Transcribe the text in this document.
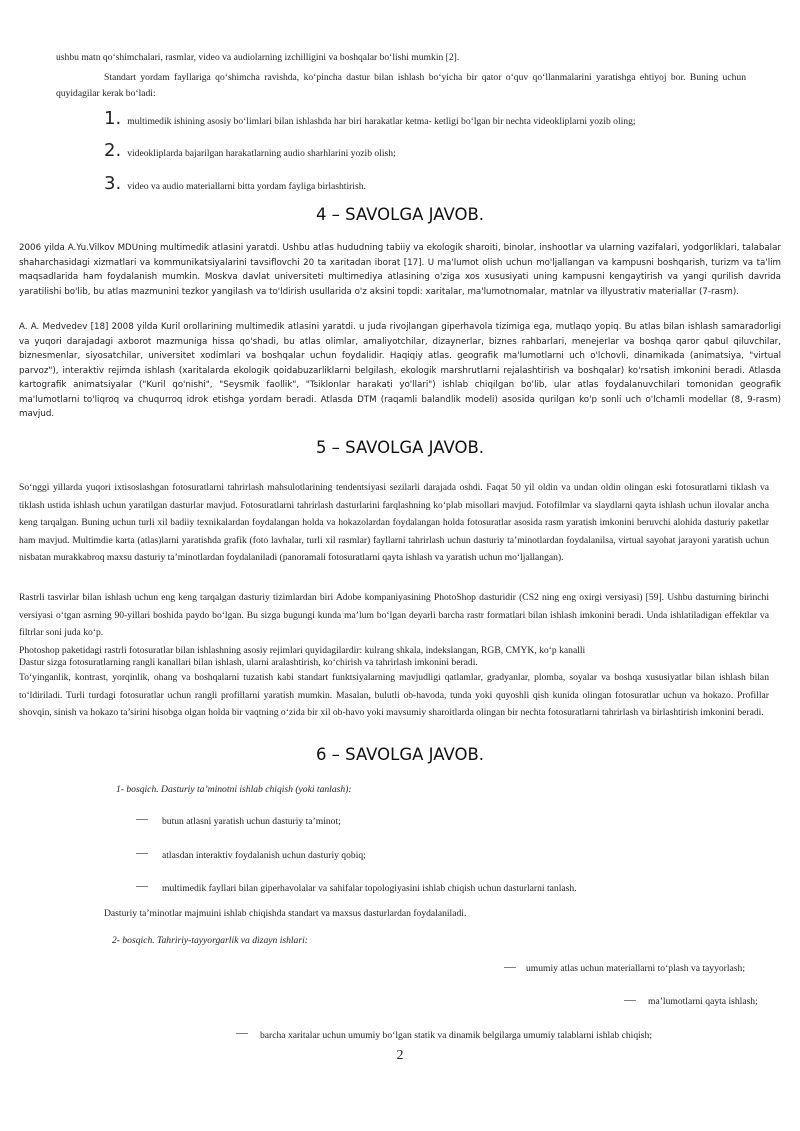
ushbu matn qo‘shimchalari, rasmlar, video va audiolarning izchilligini va boshqalar bo‘lishi mumkin [2].
Standart yordam fayllariga qo‘shimcha ravishda, ko‘pincha dastur bilan ishlash bo‘yicha bir qator o‘quv qo‘llanmalarini yaratishga ehtiyoj bor. Buning uchun quyidagilar kerak bo‘ladi:
1. multimedik ishining asosiy bo‘limlari bilan ishlashda har biri harakatlar ketma- ketligi bo‘lgan bir nechta videokliplarni yozib oling;
2. videokliplarda bajarilgan harakatlarning audio sharhlarini yozib olish;
3. video va audio materiallarni bitta yordam fayliga birlashtirish.
4 – SAVOLGA JAVOB.
2006 yilda A.Yu.Vilkov MDUning multimedik atlasini yaratdi. Ushbu atlas hududning tabiiy va ekologik sharoiti, binolar, inshootlar va ularning vazifalari, yodgorliklari, talabalar shaharchasidagi xizmatlari va kommunikatsiyalarini tavsiflovchi 20 ta xaritadan iborat [17]. U ma'lumot olish uchun mo'ljallangan va kampusni boshqarish, turizm va ta'lim maqsadlarida ham foydalanish mumkin. Moskva davlat universiteti multimediya atlasining o'ziga xos xususiyati uning kampusni kengaytirish va yangi qurilish davrida yaratilishi bo'lib, bu atlas mazmunini tezkor yangilash va to'ldirish usullarida o'z aksini topdi: xaritalar, ma'lumotnomalar, matnlar va illyustrativ materiallar (7-rasm).
A. A. Medvedev [18] 2008 yilda Kuril orollarining multimedik atlasini yaratdi. u juda rivojlangan giperhavola tizimiga ega, mutlaqo yopiq. Bu atlas bilan ishlash samaradorligi va yuqori darajadagi axborot mazmuniga hissa qo'shadi, bu atlas olimlar, amaliyotchilar, dizaynerlar, biznes rahbarlari, menejerlar va boshqa qaror qabul qiluvchilar, biznesmenlar, siyosatchilar, universitet xodimlari va boshqalar uchun foydalidir. Haqiqiy atlas. geografik ma'lumotlarni uch o'lchovli, dinamikada (animatsiya, "virtual parvoz"), interaktiv rejimda ishlash (xaritalarda ekologik qoidabuzarliklarni belgilash, ekologik marshrutlarni rejalashtirish va boshqalar) ko'rsatish imkonini beradi. Atlasda kartografik animatsiyalar ("Kuril qo'nishi", "Seysmik faollik", "Tsiklonlar harakati yo'llari") ishlab chiqilgan bo'lib, ular atlas foydalanuvchilari tomonidan geografik ma'lumotlarni to'liqroq va chuqurroq idrok etishga yordam beradi. Atlasda DTM (raqamli balandlik modeli) asosida qurilgan ko'p sonli uch o'lchamli modellar (8, 9-rasm) mavjud.
5 – SAVOLGA JAVOB.
So‘nggi yillarda yuqori ixtisoslashgan fotosuratlarni tahrirlash mahsulotlarining tendentsiyasi sezilarli darajada oshdi. Faqat 50 yil oldin va undan oldin olingan eski fotosuratlarni tiklash va tiklash ustida ishlash uchun yaratilgan dasturlar mavjud. Fotosuratlarni tahrirlash dasturlarini farqlashning ko‘plab misollari mavjud. Fotofilmlar va slaydlarni qayta ishlash uchun ilovalar ancha keng tarqalgan. Buning uchun turli xil badiiy texnikalardan foydalangan holda va hokazolardan foydalangan holda fotosuratlar asosida rasm yaratish imkonini beruvchi alohida dasturiy paketlar ham mavjud. Multimdie karta (atlas)larni yaratishda grafik (foto lavhalar, turli xil rasmlar) fayllarni tahrirlash uchun dasturiy ta’minotlardan foydalanilsa, virtual sayohat jarayoni yaratish uchun nisbatan murakkabroq maxsu dasturiy ta’minotlardan foydalaniladi (panoramali fotosuratlarni qayta ishlash va yaratish uchun mo‘ljallangan).
Rastrli tasvirlar bilan ishlash uchun eng keng tarqalgan dasturiy tizimlardan biri Adobe kompaniyasining PhotoShop dasturidir (CS2 ning eng oxirgi versiyasi) [59]. Ushbu dasturning birinchi versiyasi o‘tgan asrning 90-yillari boshida paydo bo‘lgan. Bu sizga bugungi kunda ma’lum bo‘lgan deyarli barcha rastr formatlari bilan ishlash imkonini beradi. Unda ishlatiladigan effektlar va filtrlar soni juda ko‘p.
Photoshop paketidagi rastrli fotosuratlar bilan ishlashning asosiy rejimlari quyidagilardir: kulrang shkala, indekslangan, RGB, CMYK, ko‘p kanalli
Dastur sizga fotosuratlarning rangli kanallari bilan ishlash, ularni aralashtirish, ko‘chirish va tahrirlash imkonini beradi.
To‘yinganlik, kontrast, yorqinlik, ohang va boshqalarni tuzatish kabi standart funktsiyalarning mavjudligi qatlamlar, gradyanlar, plomba, soyalar va boshqa xususiyatlar bilan ishlash bilan to‘ldiriladi. Turli turdagi fotosuratlar uchun rangli profillarni yaratish mumkin. Masalan, bulutli ob-havoda, tunda yoki quyoshli qish kunida olingan fotosuratlar uchun va hokazo. Profillar shovqin, sinish va hokazo ta’sirini hisobga olgan holda bir vaqtning o‘zida bir xil ob-havo yoki mavsumiy sharoitlarda olingan bir nechta fotosuratlarni tahrirlash va birlashtirish imkonini beradi.
6 – SAVOLGA JAVOB.
1- bosqich. Dasturiy ta’minotni ishlab chiqish (yoki tanlash):
— butun atlasni yaratish uchun dasturiy ta’minot;
— atlasdan interaktiv foydalanish uchun dasturiy qobiq;
— multimedik fayllari bilan giperhavolalar va sahifalar topologiyasini ishlab chiqish uchun dasturlarni tanlash.
Dasturiy ta’minotlar majmuini ishlab chiqishda standart va maxsus dasturlardan foydalaniladi.
2- bosqich. Tahririy-tayyorgarlik va dizayn ishlari:
— umumiy atlas uchun materiallarni to‘plash va tayyorlash;
— ma’lumotlarni qayta ishlash;
— barcha xaritalar uchun umumiy bo‘lgan statik va dinamik belgilarga umumiy talablarni ishlab chiqish;
2
